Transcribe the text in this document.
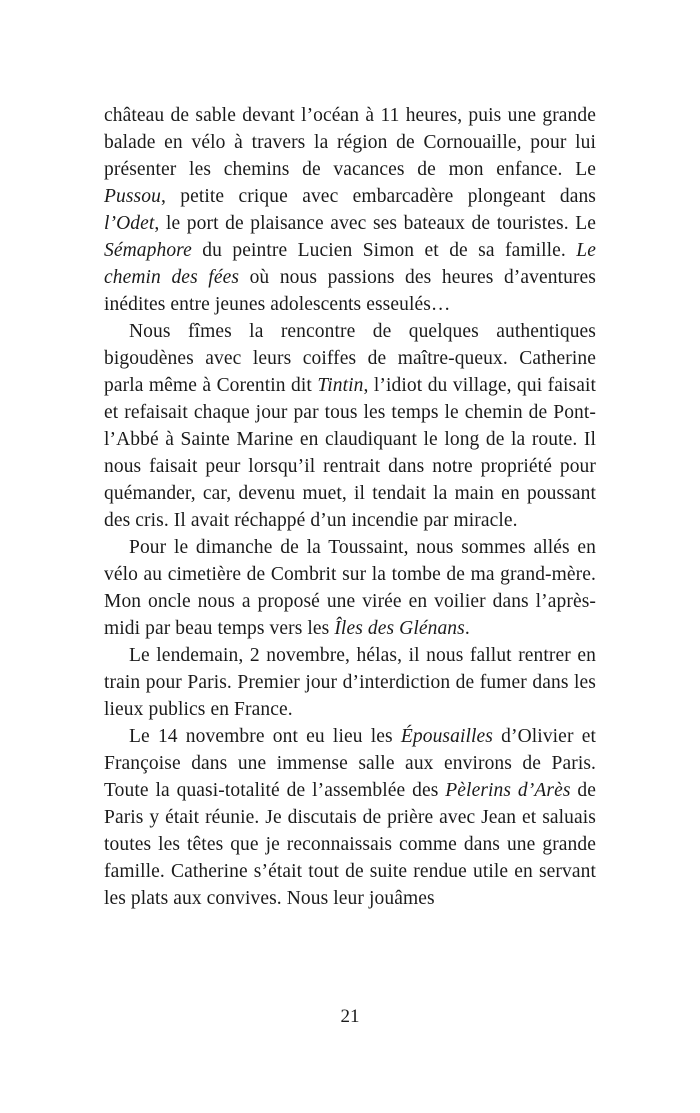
château de sable devant l’océan à 11 heures, puis une grande balade en vélo à travers la région de Cornouaille, pour lui présenter les chemins de vacances de mon enfance. Le Pussou, petite crique avec embarcadère plongeant dans l’Odet, le port de plaisance avec ses bateaux de touristes. Le Sémaphore du peintre Lucien Simon et de sa famille. Le chemin des fées où nous passions des heures d’aventures inédites entre jeunes adolescents esseulés…

Nous fîmes la rencontre de quelques authentiques bigoudènes avec leurs coiffes de maître-queux. Catherine parla même à Corentin dit Tintin, l’idiot du village, qui faisait et refaisait chaque jour par tous les temps le chemin de Pont-l’Abbé à Sainte Marine en claudiquant le long de la route. Il nous faisait peur lorsqu’il rentrait dans notre propriété pour quémander, car, devenu muet, il tendait la main en poussant des cris. Il avait réchappé d’un incendie par miracle.

Pour le dimanche de la Toussaint, nous sommes allés en vélo au cimetière de Combrit sur la tombe de ma grand-mère. Mon oncle nous a proposé une virée en voilier dans l’après-midi par beau temps vers les Îles des Glénans.

Le lendemain, 2 novembre, hélas, il nous fallut rentrer en train pour Paris. Premier jour d’interdiction de fumer dans les lieux publics en France.

Le 14 novembre ont eu lieu les Épousailles d’Olivier et Françoise dans une immense salle aux environs de Paris. Toute la quasi-totalité de l’assemblée des Pèlerins d’Arès de Paris y était réunie. Je discutais de prière avec Jean et saluais toutes les têtes que je reconnaissais comme dans une grande famille. Catherine s’était tout de suite rendue utile en servant les plats aux convives. Nous leur jouâmes

21
